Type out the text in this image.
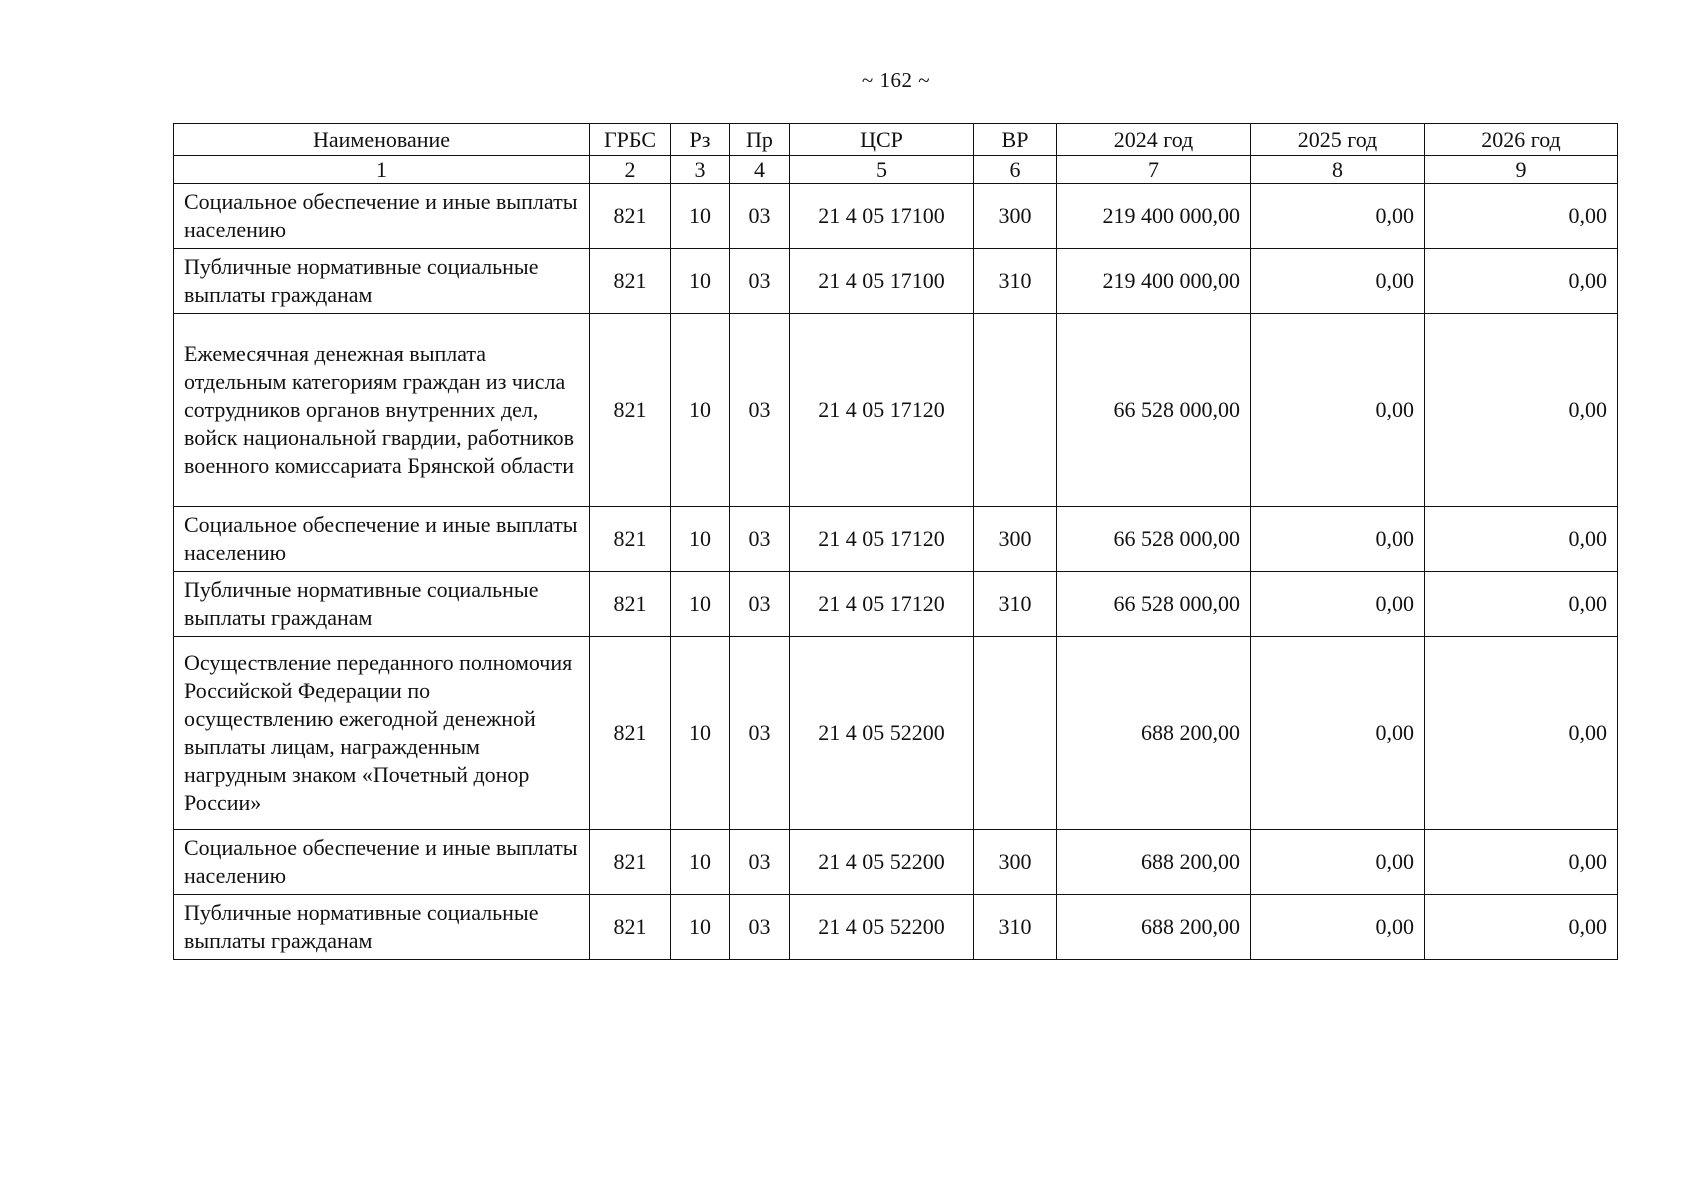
~ 162 ~
Наименование	ГРБС	Рз	Пр	ЦСР	ВР	2024 год	2025 год	2026 год
1	2	3	4	5	6	7	8	9
Социальное обеспечение и иные выплаты населению	821	10	03	21 4 05 17100	300	219 400 000,00	0,00	0,00
Публичные нормативные социальные выплаты гражданам	821	10	03	21 4 05 17100	310	219 400 000,00	0,00	0,00
Ежемесячная денежная выплата отдельным категориям граждан из числа сотрудников органов внутренних дел, войск национальной гвардии, работников военного комиссариата Брянской области	821	10	03	21 4 05 17120		66 528 000,00	0,00	0,00
Социальное обеспечение и иные выплаты населению	821	10	03	21 4 05 17120	300	66 528 000,00	0,00	0,00
Публичные нормативные социальные выплаты гражданам	821	10	03	21 4 05 17120	310	66 528 000,00	0,00	0,00
Осуществление переданного полномочия Российской Федерации по осуществлению ежегодной денежной выплаты лицам, награжденным нагрудным знаком «Почетный донор России»	821	10	03	21 4 05 52200		688 200,00	0,00	0,00
Социальное обеспечение и иные выплаты населению	821	10	03	21 4 05 52200	300	688 200,00	0,00	0,00
Публичные нормативные социальные выплаты гражданам	821	10	03	21 4 05 52200	310	688 200,00	0,00	0,00
